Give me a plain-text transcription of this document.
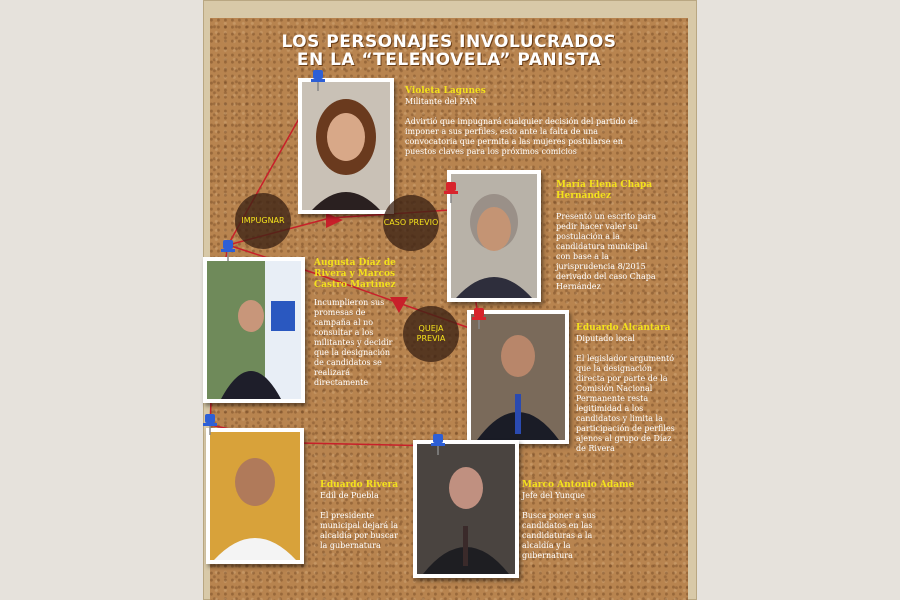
LOS PERSONAJES INVOLUCRADOS
EN LA “TELENOVELA” PANISTA
Violeta Lagunes
Militante del PAN
Advirtió que impugnará cualquier decisión del partido de imponer a sus perfiles, esto ante la falta de una convocatoria que permita a las mujeres postularse en puestos claves para los próximos comicios
María Elena Chapa Hernández
Presentó un escrito para pedir hacer valer su postulación a la candidatura municipal con base a la jurisprudencia 8/2015 derivado del caso Chapa Hernández
Augusta Díaz de Rivera y Marcos Castro Martínez
Incumplieron sus promesas de campaña al no consultar a los militantes y decidir que la designación de candidatos se realizará directamente
Eduardo Alcántara
Diputado local
El legislador argumentó que la designación directa por parte de la Comisión Nacional Permanente resta legitimidad a los candidatos y limita la participación de perfiles ajenos al grupo de Díaz de Rivera
Eduardo Rivera
Edil de Puebla
El presidente municipal dejará la alcaldía por buscar la gubernatura
Marco Antonio Adame
Jefe del Yunque
Busca poner a sus candidatos en las candidaturas a la alcaldía y la gubernatura
IMPUGNAR	CASO PREVIO
QUEJA PREVIA
